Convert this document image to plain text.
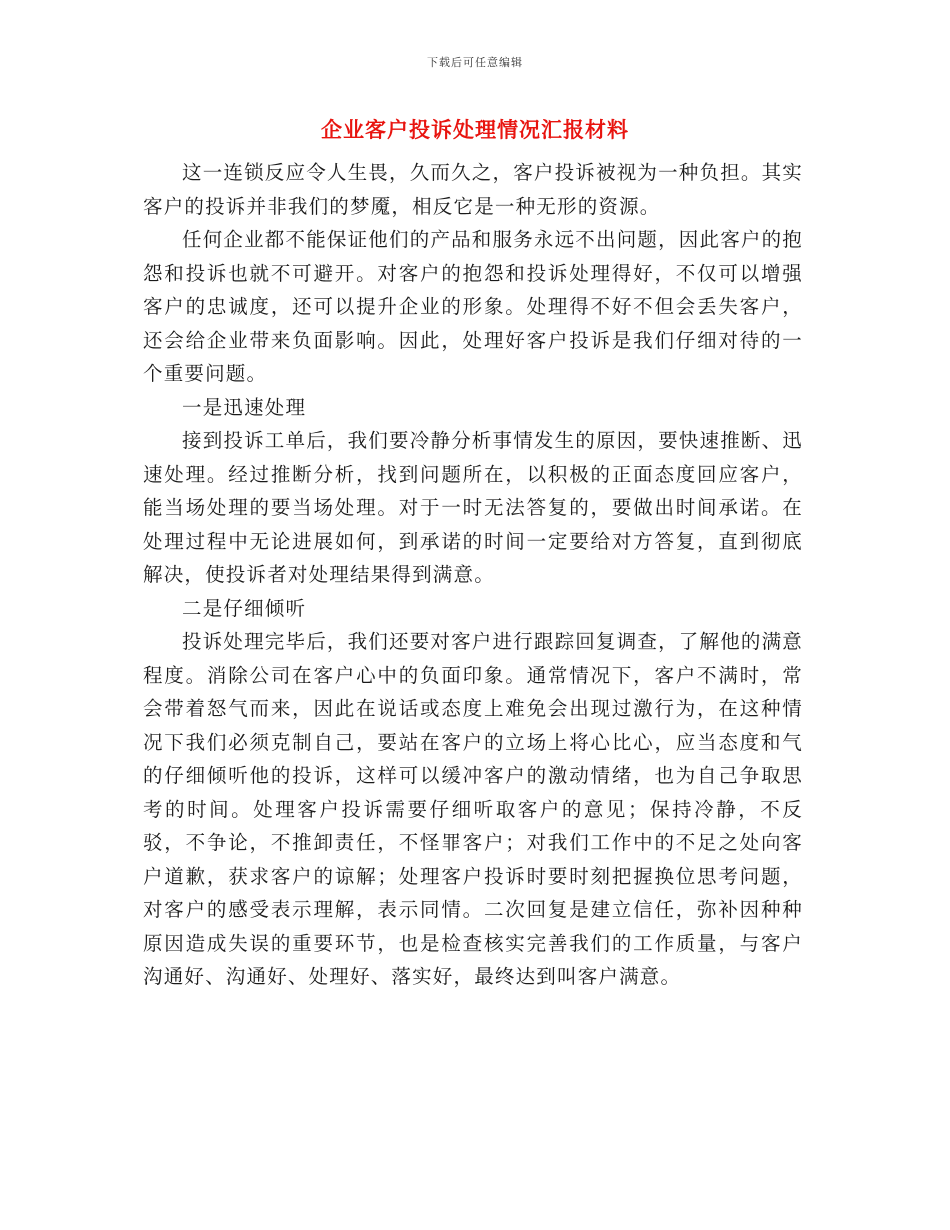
下载后可任意编辑
企业客户投诉处理情况汇报材料

这一连锁反应令人生畏，久而久之，客户投诉被视为一种负担。其实客户的投诉并非我们的梦魇，相反它是一种无形的资源。

任何企业都不能保证他们的产品和服务永远不出问题，因此客户的抱怨和投诉也就不可避开。对客户的抱怨和投诉处理得好，不仅可以增强客户的忠诚度，还可以提升企业的形象。处理得不好不但会丢失客户，还会给企业带来负面影响。因此，处理好客户投诉是我们仔细对待的一个重要问题。

一是迅速处理

接到投诉工单后，我们要冷静分析事情发生的原因，要快速推断、迅速处理。经过推断分析，找到问题所在，以积极的正面态度回应客户，能当场处理的要当场处理。对于一时无法答复的，要做出时间承诺。在处理过程中无论进展如何，到承诺的时间一定要给对方答复，直到彻底解决，使投诉者对处理结果得到满意。

二是仔细倾听

投诉处理完毕后，我们还要对客户进行跟踪回复调查，了解他的满意程度。消除公司在客户心中的负面印象。通常情况下，客户不满时，常会带着怒气而来，因此在说话或态度上难免会出现过激行为，在这种情况下我们必须克制自己，要站在客户的立场上将心比心，应当态度和气的仔细倾听他的投诉，这样可以缓冲客户的激动情绪，也为自己争取思考的时间。处理客户投诉需要仔细听取客户的意见；保持冷静，不反驳，不争论，不推卸责任，不怪罪客户；对我们工作中的不足之处向客户道歉，获求客户的谅解；处理客户投诉时要时刻把握换位思考问题，对客户的感受表示理解，表示同情。二次回复是建立信任，弥补因种种原因造成失误的重要环节，也是检查核实完善我们的工作质量，与客户沟通好、沟通好、处理好、落实好，最终达到叫客户满意。
